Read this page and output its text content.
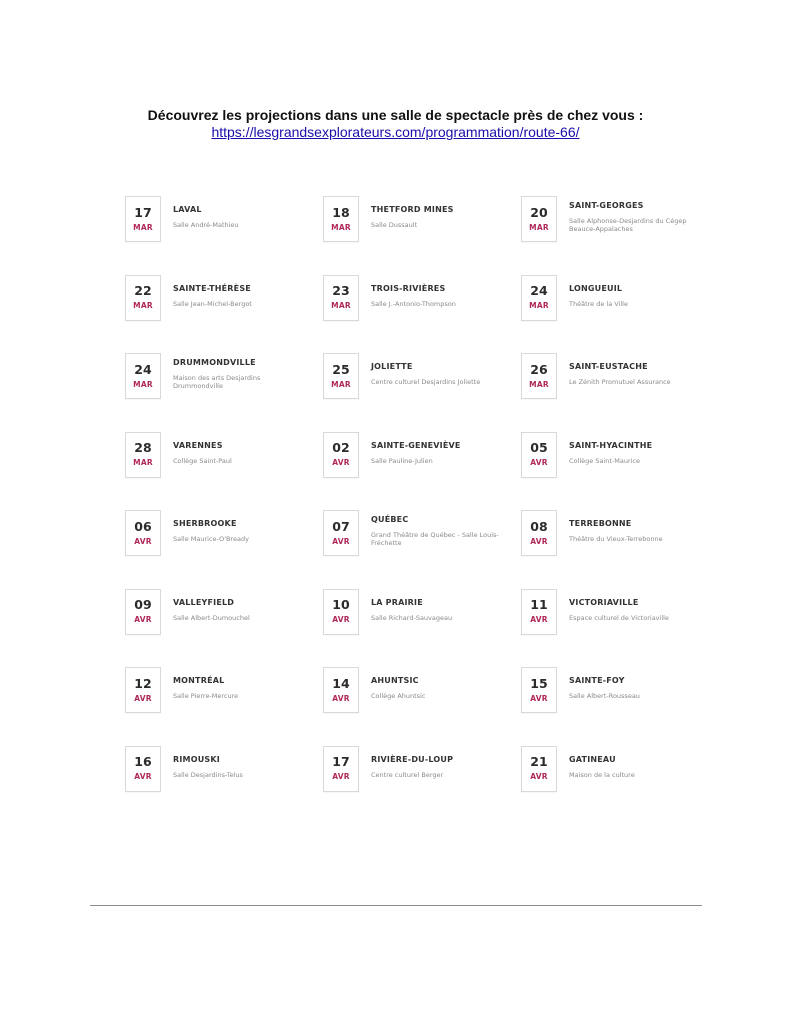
Découvrez les projections dans une salle de spectacle près de chez vous :
https://lesgrandsexplorateurs.com/programmation/route-66/
17
MAR
LAVAL
Salle André-Mathieu
18
MAR
THETFORD MINES
Salle Dussault
20
MAR
SAINT-GEORGES
Salle Alphonse-Desjardins du Cégep Beauce-Appalaches
22
MAR
SAINTE-THÉRÈSE
Salle Jean-Michel-Bergot
23
MAR
TROIS-RIVIÈRES
Salle J.-Antonio-Thompson
24
MAR
LONGUEUIL
Théâtre de la Ville
24
MAR
DRUMMONDVILLE
Maison des arts Desjardins Drummondville
25
MAR
JOLIETTE
Centre culturel Desjardins Joliette
26
MAR
SAINT-EUSTACHE
Le Zénith Promutuel Assurance
28
MAR
VARENNES
Collège Saint-Paul
02
AVR
SAINTE-GENEVIÈVE
Salle Pauline-Julien
05
AVR
SAINT-HYACINTHE
Collège Saint-Maurice
06
AVR
SHERBROOKE
Salle Maurice-O'Bready
07
AVR
QUÉBEC
Grand Théâtre de Québec - Salle Louis-Fréchette
08
AVR
TERREBONNE
Théâtre du Vieux-Terrebonne
09
AVR
VALLEYFIELD
Salle Albert-Dumouchel
10
AVR
LA PRAIRIE
Salle Richard-Sauvageau
11
AVR
VICTORIAVILLE
Espace culturel de Victoriaville
12
AVR
MONTRÉAL
Salle Pierre-Mercure
14
AVR
AHUNTSIC
Collège Ahuntsic
15
AVR
SAINTE-FOY
Salle Albert-Rousseau
16
AVR
RIMOUSKI
Salle Desjardins-Telus
17
AVR
RIVIÈRE-DU-LOUP
Centre culturel Berger
21
AVR
GATINEAU
Maison de la culture
